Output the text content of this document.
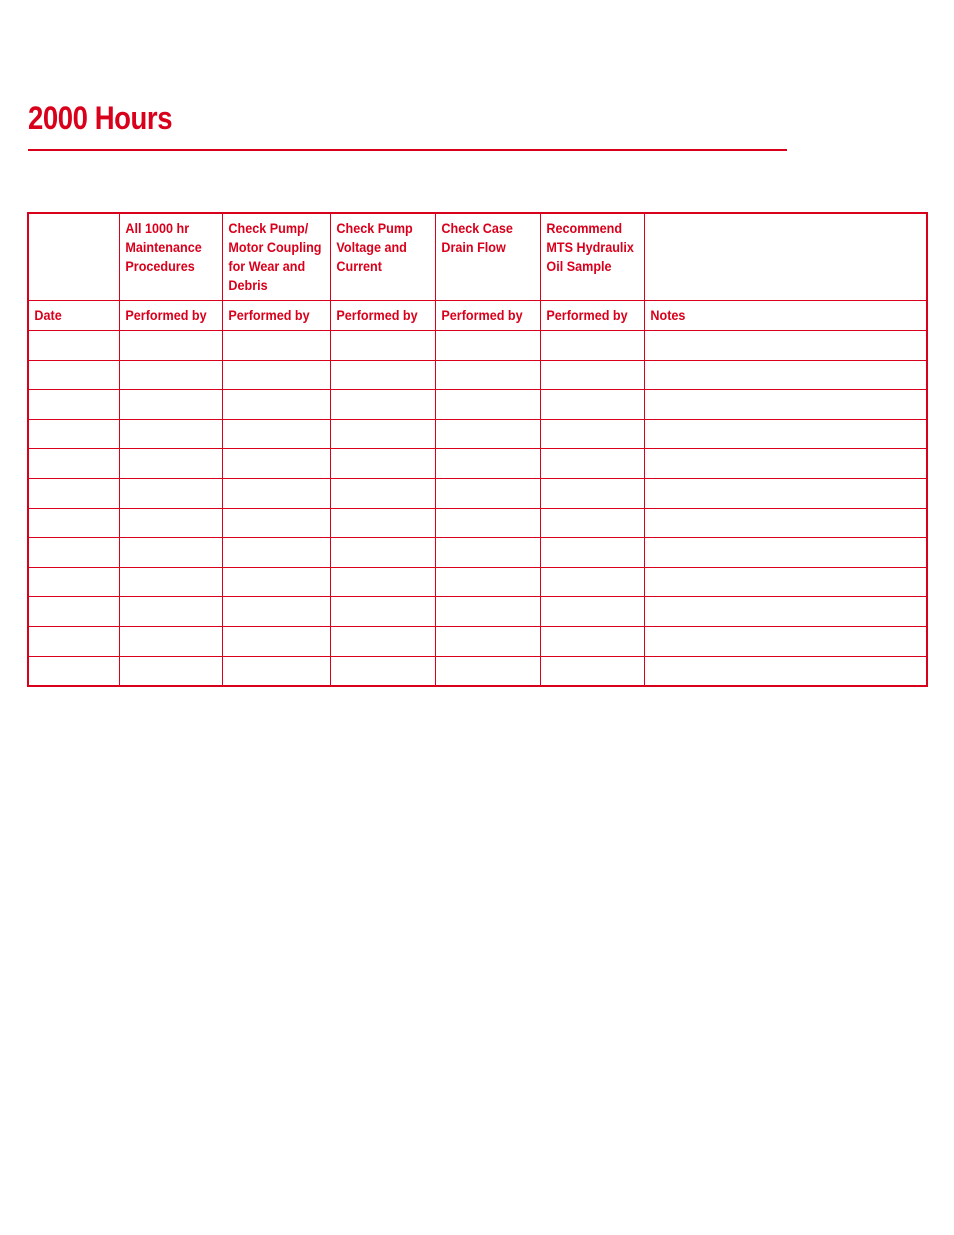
2000 Hours

	All 1000 hr Maintenance Procedures	Check Pump/ Motor Coupling for Wear and Debris	Check Pump Voltage and Current	Check Case Drain Flow	Recommend MTS Hydraulix Oil Sample	

Date	Performed by	Performed by	Performed by	Performed by	Performed by	Notes
